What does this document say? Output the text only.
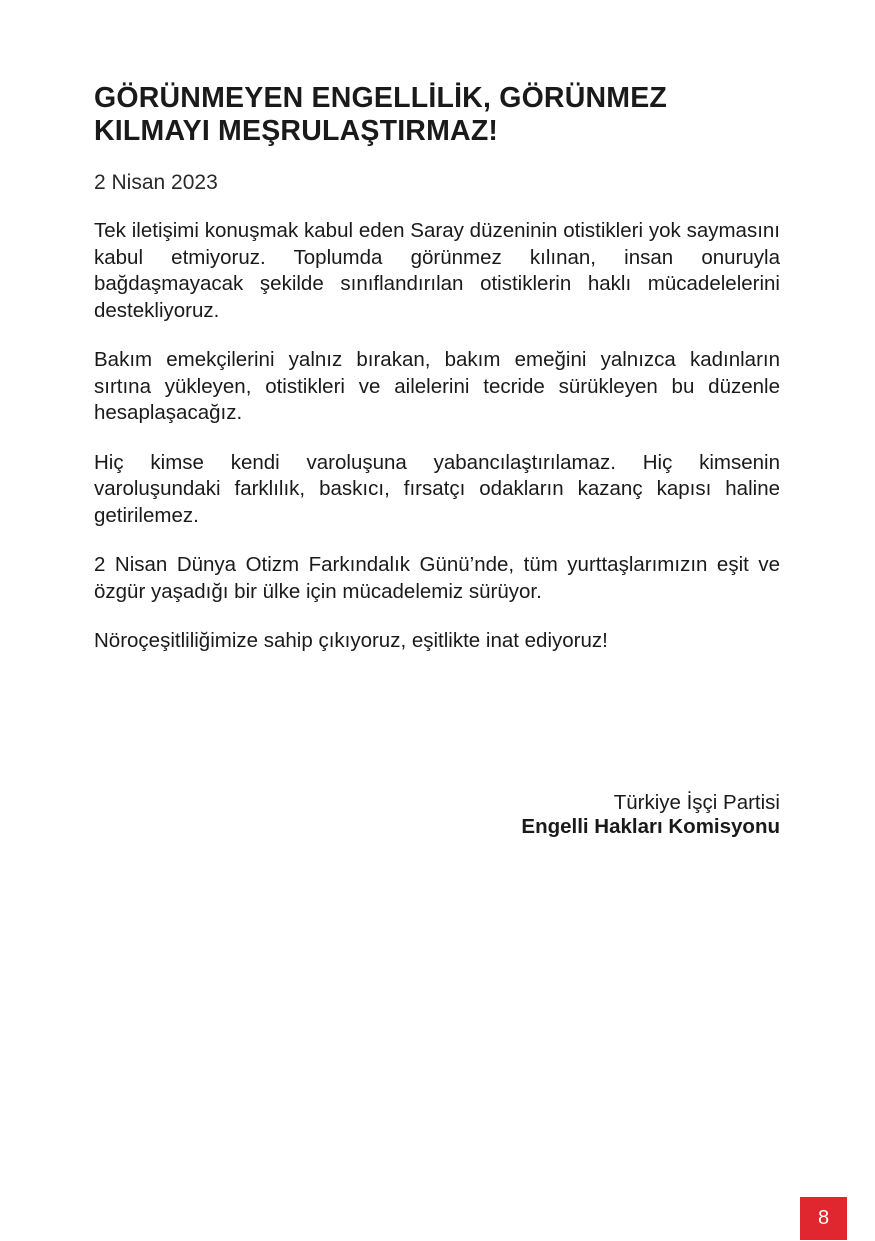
GÖRÜNMEYEN ENGELLİLİK, GÖRÜNMEZ KILMAYI MEŞRULAŞTIRMAZ!
2 Nisan 2023

Tek iletişimi konuşmak kabul eden Saray düzeninin otistikleri yok saymasını kabul etmiyoruz. Toplumda görünmez kılınan, insan onuruyla bağdaşmayacak şekilde sınıflandırılan otistiklerin haklı mücadelelerini destekliyoruz.

Bakım emekçilerini yalnız bırakan, bakım emeğini yalnızca kadınların sırtına yükleyen, otistikleri ve ailelerini tecride sürükleyen bu düzenle hesaplaşacağız.

Hiç kimse kendi varoluşuna yabancılaştırılamaz. Hiç kimsenin varoluşundaki farklılık, baskıcı, fırsatçı odakların kazanç kapısı haline getirilemez.

2 Nisan Dünya Otizm Farkındalık Günü’nde, tüm yurttaşlarımızın eşit ve özgür yaşadığı bir ülke için mücadelemiz sürüyor.

Nöroçeşitliliğimize sahip çıkıyoruz, eşitlikte inat ediyoruz!

Türkiye İşçi Partisi
Engelli Hakları Komisyonu
8
